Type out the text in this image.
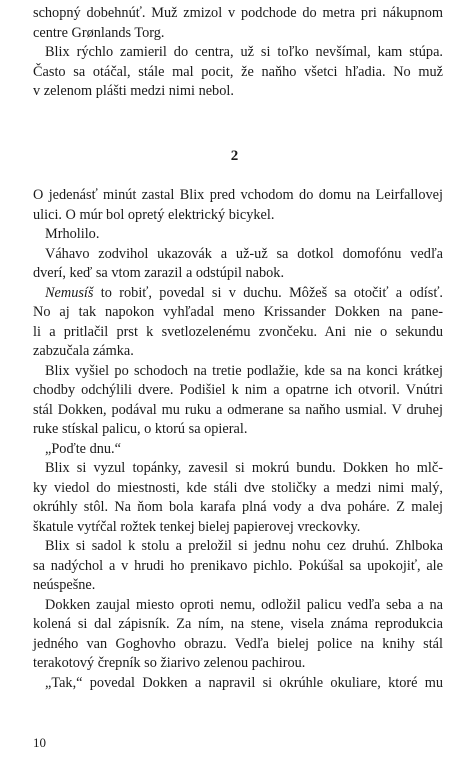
schopný dobehnúť. Muž zmizol v podchode do metra pri nákupnom
centre Grønlands Torg.
Blix rýchlo zamieril do centra, už si toľko nevšímal, kam stúpa.
Často sa otáčal, stále mal pocit, že naňho všetci hľadia. No muž
v zelenom plášti medzi nimi nebol.
2
O jedenásť minút zastal Blix pred vchodom do domu na Leirfallovej
ulici. O múr bol opretý elektrický bicykel.
Mrholilo.
Váhavo zodvihol ukazovák a už-už sa dotkol domofónu vedľa
dverí, keď sa vtom zarazil a odstúpil nabok.
Nemusíš to robiť, povedal si v duchu. Môžeš sa otočiť a odísť.
No aj tak napokon vyhľadal meno Krissander Dokken na pane-
li a pritlačil prst k svetlozelenému zvončeku. Ani nie o sekundu
zabzučala zámka.
Blix vyšiel po schodoch na tretie podlažie, kde sa na konci krátkej
chodby odchýlili dvere. Podišiel k nim a opatrne ich otvoril. Vnútri
stál Dokken, podával mu ruku a odmerane sa naňho usmial. V druhej
ruke stískal palicu, o ktorú sa opieral.
„Poďte dnu.“
Blix si vyzul topánky, zavesil si mokrú bundu. Dokken ho mlč-
ky viedol do miestnosti, kde stáli dve stoličky a medzi nimi malý,
okrúhly stôl. Na ňom bola karafa plná vody a dva poháre. Z malej
škatule vytŕčal rožtek tenkej bielej papierovej vreckovky.
Blix si sadol k stolu a preložil si jednu nohu cez druhú. Zhlboka
sa nadýchol a v hrudi ho prenikavo pichlo. Pokúšal sa upokojiť, ale
neúspešne.
Dokken zaujal miesto oproti nemu, odložil palicu vedľa seba a na
kolená si dal zápisník. Za ním, na stene, visela známa reprodukcia
jedného van Goghovho obrazu. Vedľa bielej police na knihy stál
terakotový črepník so žiarivo zelenou pachirou.
„Tak,“ povedal Dokken a napravil si okrúhle okuliare, ktoré mu
10
